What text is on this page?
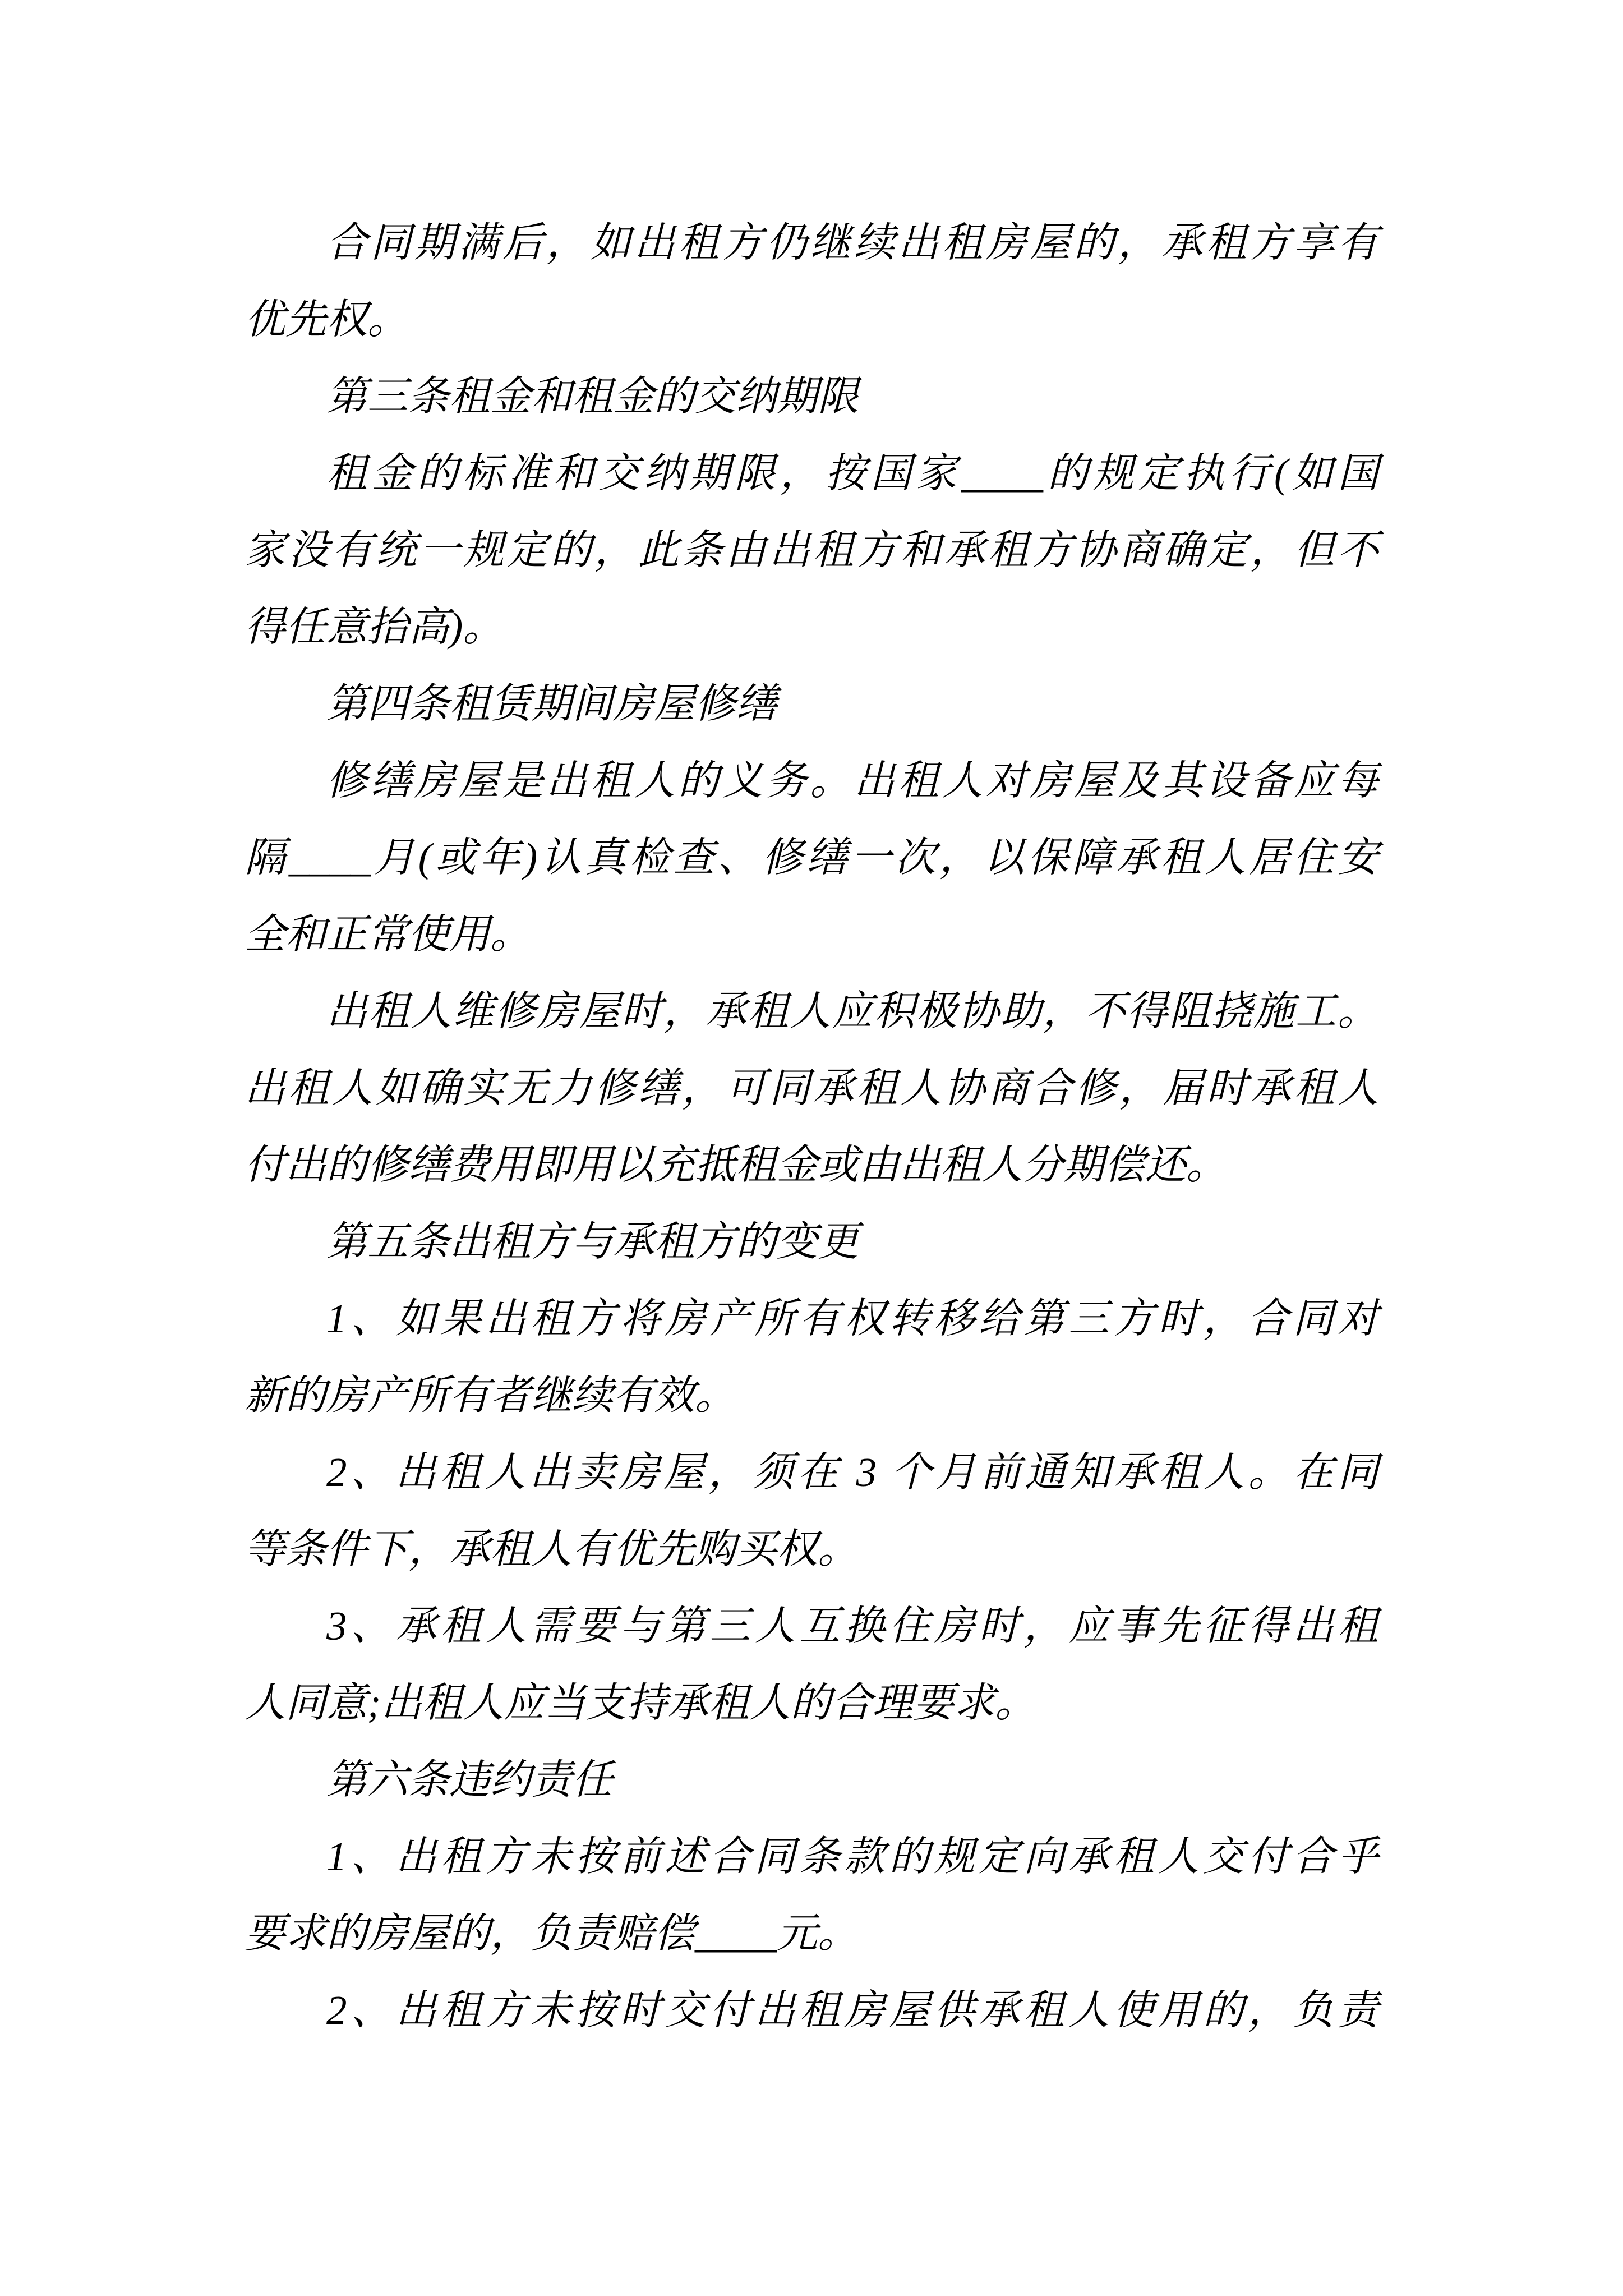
合同期满后，如出租方仍继续出租房屋的，承租方享有
优先权。
第三条租金和租金的交纳期限
租金的标准和交纳期限，按国家____的规定执行(如国
家没有统一规定的，此条由出租方和承租方协商确定，但不
得任意抬高)。
第四条租赁期间房屋修缮
修缮房屋是出租人的义务。出租人对房屋及其设备应每
隔____月(或年)认真检查、修缮一次，以保障承租人居住安
全和正常使用。
出租人维修房屋时，承租人应积极协助，不得阻挠施工。
出租人如确实无力修缮，可同承租人协商合修，届时承租人
付出的修缮费用即用以充抵租金或由出租人分期偿还。
第五条出租方与承租方的变更
1、如果出租方将房产所有权转移给第三方时，合同对
新的房产所有者继续有效。
2、出租人出卖房屋，须在 3 个月前通知承租人。在同
等条件下，承租人有优先购买权。
3、承租人需要与第三人互换住房时，应事先征得出租
人同意;出租人应当支持承租人的合理要求。
第六条违约责任
1、出租方未按前述合同条款的规定向承租人交付合乎
要求的房屋的，负责赔偿____元。
2、出租方未按时交付出租房屋供承租人使用的，负责
